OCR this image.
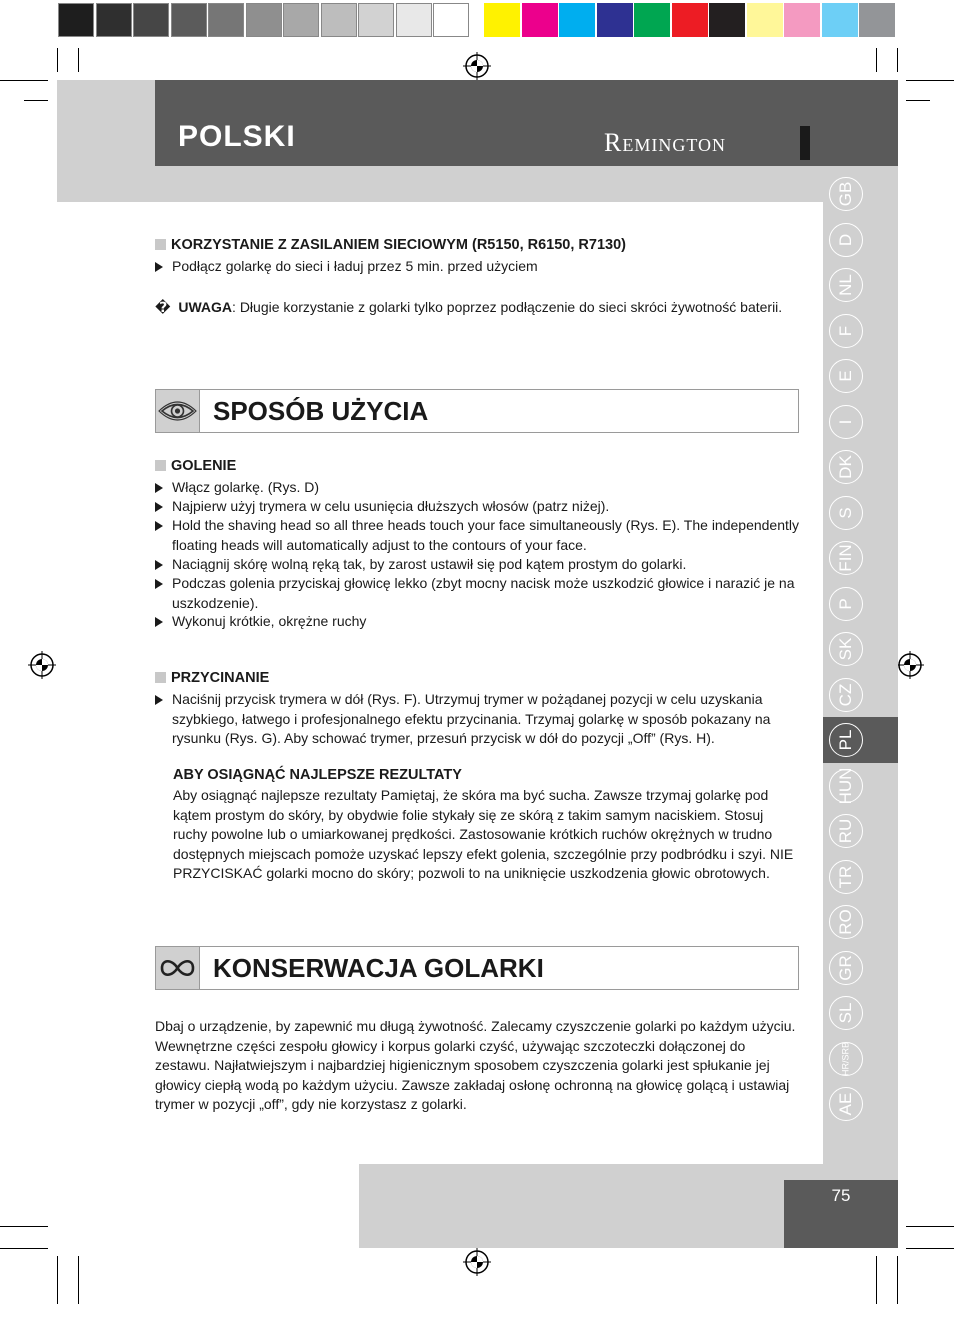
POLSKI	Remington
75
GB
D
NL
F
E
I
DK
S
FIN
P
SK
CZ
PL
HUN
RU
TR
RO
GR
SL
HR/SRB
AE
KORZYSTANIE Z ZASILANIEM SIECIOWYM (R5150, R6150, R7130)
Podłącz golarkę do sieci i ładuj przez 5 min. przed użyciem
� UWAGA: Długie korzystanie z golarki tylko poprzez podłączenie do sieci skróci żywotność baterii.
SPOSÓB UŻYCIA
GOLENIE
Włącz golarkę. (Rys. D)
Najpierw użyj trymera w celu usunięcia dłuższych włosów (patrz niżej).
Hold the shaving head so all three heads touch your face simultaneously (Rys. E). The independently floating heads will automatically adjust to the contours of your face.
Naciągnij skórę wolną ręką tak, by zarost ustawił się pod kątem prostym do golarki.
Podczas golenia przyciskaj głowicę lekko (zbyt mocny nacisk może uszkodzić głowice i narazić je na uszkodzenie).
Wykonuj krótkie, okrężne ruchy
PRZYCINANIE
Naciśnij przycisk trymera w dół (Rys. F). Utrzymuj trymer w pożądanej pozycji w celu uzyskania szybkiego, łatwego i profesjonalnego efektu przycinania. Trzymaj golarkę w sposób pokazany na rysunku (Rys. G). Aby schować trymer, przesuń przycisk w dół do pozycji „Off” (Rys. H).
ABY OSIĄGNĄĆ NAJLEPSZE REZULTATY
Aby osiągnąć najlepsze rezultaty Pamiętaj, że skóra ma być sucha. Zawsze trzymaj golarkę pod kątem prostym do skóry, by obydwie folie stykały się ze skórą z takim samym naciskiem. Stosuj ruchy powolne lub o umiarkowanej prędkości. Zastosowanie krótkich ruchów okrężnych w trudno dostępnych miejscach pomoże uzyskać lepszy efekt golenia, szczególnie przy podbródku i szyi. NIE PRZYCISKAĆ golarki mocno do skóry; pozwoli to na uniknięcie uszkodzenia głowic obrotowych.
KONSERWACJA GOLARKI
Dbaj o urządzenie, by zapewnić mu długą żywotność. Zalecamy czyszczenie golarki po każdym użyciu. Wewnętrzne części zespołu głowicy i korpus golarki czyść, używając szczoteczki dołączonej do zestawu. Najłatwiejszym i najbardziej higienicznym sposobem czyszczenia golarki jest spłukanie jej głowicy ciepłą wodą po każdym użyciu. Zawsze zakładaj osłonę ochronną na głowicę golącą i ustawiaj trymer w pozycji „off”, gdy nie korzystasz z golarki.
